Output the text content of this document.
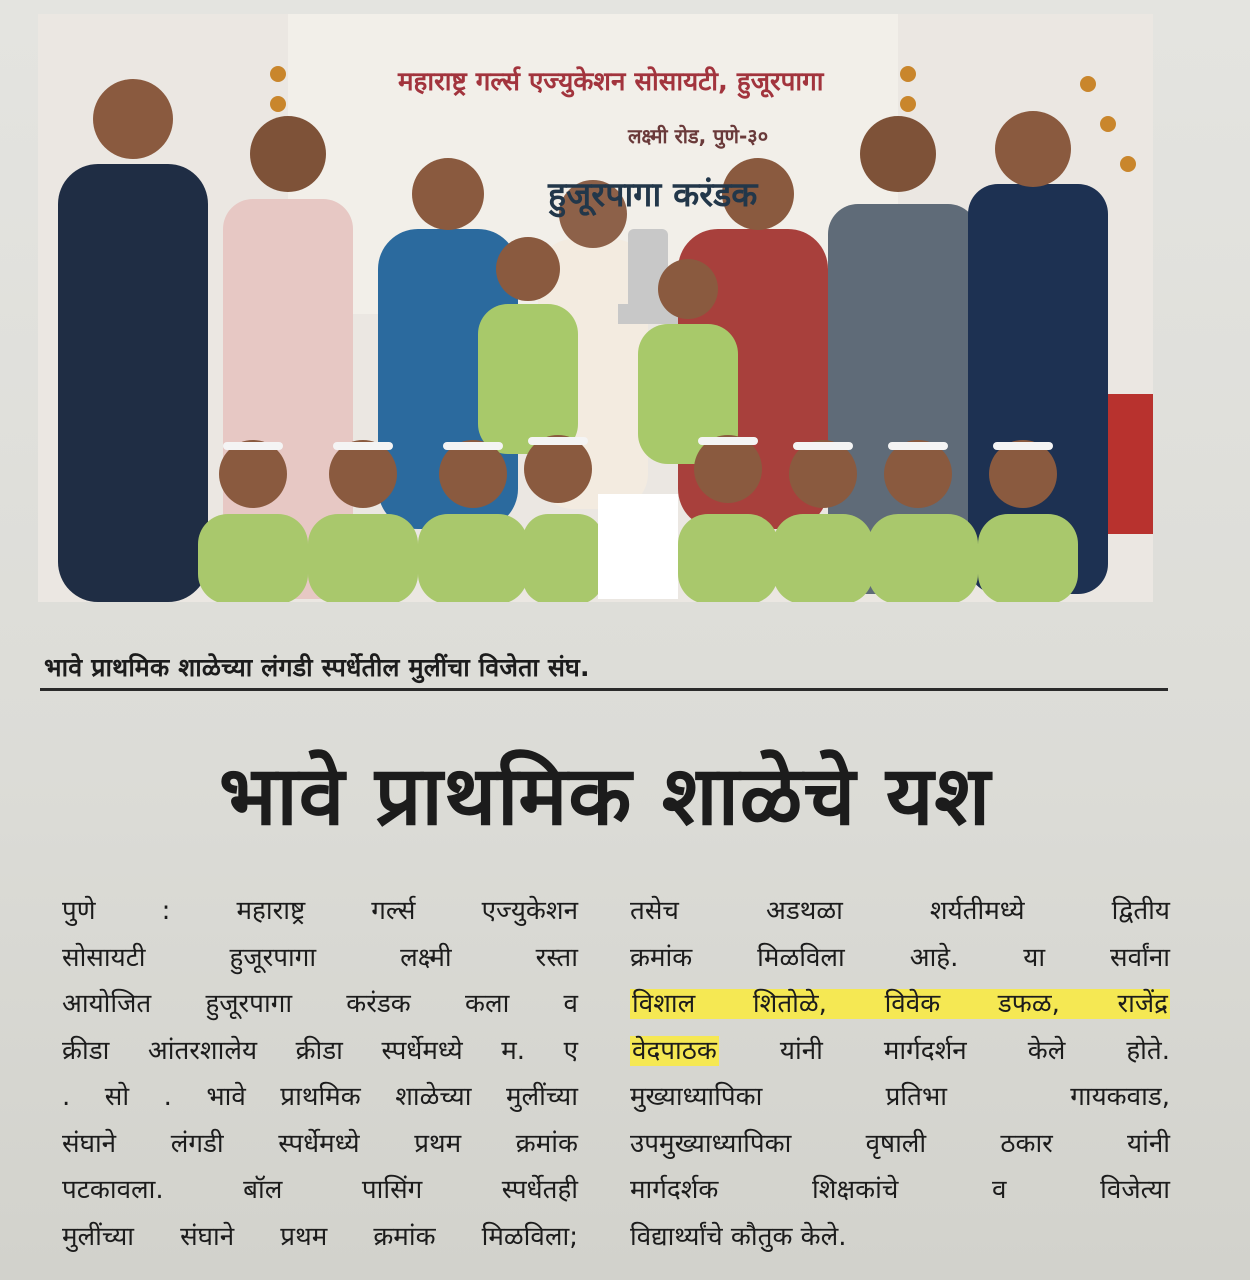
महाराष्ट्र गर्ल्स एज्युकेशन सोसायटी, हुजूरपागा
लक्ष्मी रोड, पुणे-३०
हुजूरपागा करंडक
भावे प्राथमिक शाळेच्या लंगडी स्पर्धेतील मुलींचा विजेता संघ.
भावे प्राथमिक शाळेचे यश
पुणे : महाराष्ट्र गर्ल्स एज्युकेशन
सोसायटी हुजूरपागा लक्ष्मी रस्ता
आयोजित हुजूरपागा करंडक कला व
क्रीडा आंतरशालेय क्रीडा स्पर्धेमध्ये म. ए
. सो . भावे प्राथमिक शाळेच्या मुलींच्या
संघाने लंगडी स्पर्धेमध्ये प्रथम क्रमांक
पटकावला. बॉल पासिंग स्पर्धेतही
मुलींच्या संघाने प्रथम क्रमांक मिळविला;
तसेच अडथळा शर्यतीमध्ये द्वितीय
क्रमांक मिळविला आहे. या सर्वांना
विशाल शितोळे, विवेक डफळ, राजेंद्र
वेदपाठक यांनी मार्गदर्शन केले होते.
मुख्याध्यापिका प्रतिभा गायकवाड,
उपमुख्याध्यापिका वृषाली ठकार यांनी
मार्गदर्शक शिक्षकांचे व विजेत्या
विद्यार्थ्यांचे कौतुक केले.
